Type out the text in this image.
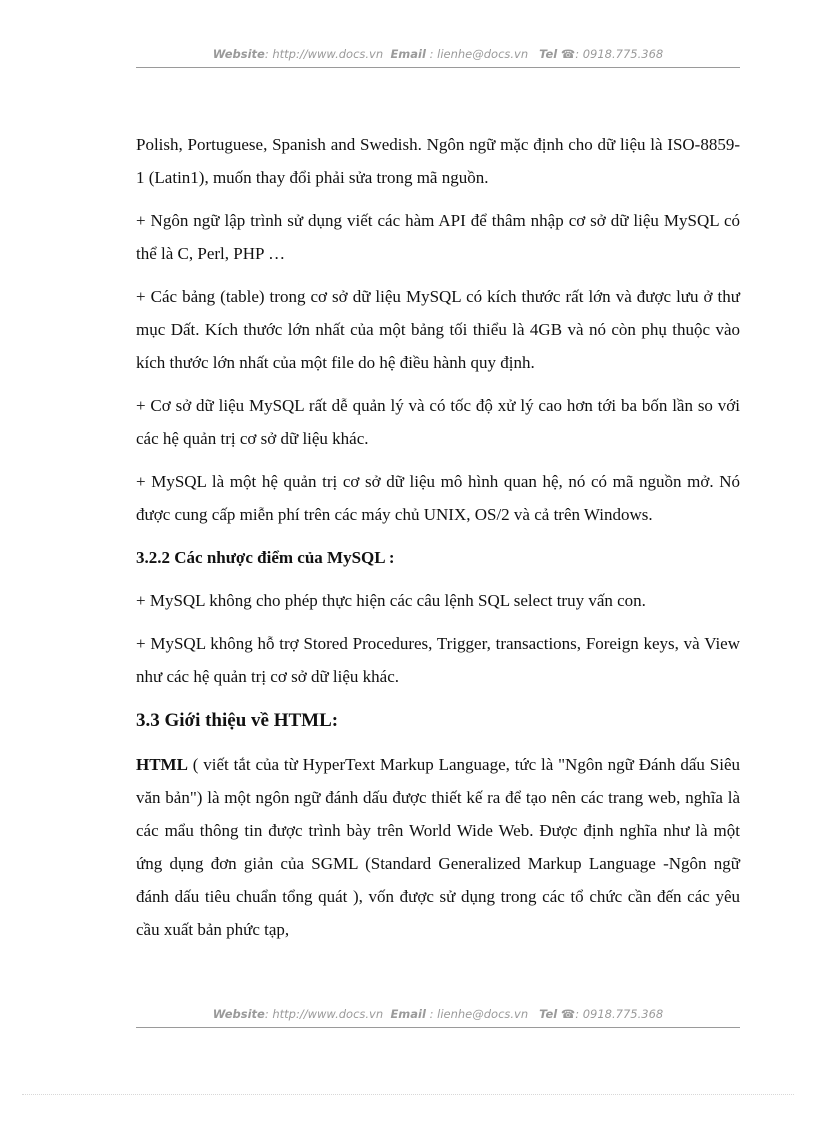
Website: http://www.docs.vn Email : lienhe@docs.vn Tel ☎: 0918.775.368

Polish, Portuguese, Spanish and Swedish. Ngôn ngữ mặc định cho dữ liệu là ISO-8859-1 (Latin1), muốn thay đổi phải sửa trong mã nguồn.

+ Ngôn ngữ lập trình sử dụng viết các hàm API để thâm nhập cơ sở dữ liệu MySQL có thể là C, Perl, PHP …

+ Các bảng (table) trong cơ sở dữ liệu MySQL có kích thước rất lớn và được lưu ở thư mục Dất. Kích thước lớn nhất của một bảng tối thiểu là 4GB và nó còn phụ thuộc vào kích thước lớn nhất của một file do hệ điều hành quy định.

+ Cơ sở dữ liệu MySQL rất dễ quản lý và có tốc độ xử lý cao hơn tới ba bốn lần so với các hệ quản trị cơ sở dữ liệu khác.

+ MySQL là một hệ quản trị cơ sở dữ liệu mô hình quan hệ, nó có mã nguồn mở. Nó được cung cấp miễn phí trên các máy chủ UNIX, OS/2 và cả trên Windows.

3.2.2 Các nhược điểm của MySQL :

+ MySQL không cho phép thực hiện các câu lệnh SQL select truy vấn con.

+ MySQL không hỗ trợ Stored Procedures, Trigger, transactions, Foreign keys, và View như các hệ quản trị cơ sở dữ liệu khác.

3.3 Giới thiệu về HTML:

HTML ( viết tắt của từ HyperText Markup Language, tức là "Ngôn ngữ Đánh dấu Siêu văn bản") là một ngôn ngữ đánh dấu được thiết kế ra để tạo nên các trang web, nghĩa là các mẩu thông tin được trình bày trên World Wide Web. Được định nghĩa như là một ứng dụng đơn giản của SGML (Standard Generalized Markup Language -Ngôn ngữ đánh dấu tiêu chuẩn tổng quát ), vốn được sử dụng trong các tổ chức cần đến các yêu cầu xuất bản phức tạp,

Website: http://www.docs.vn Email : lienhe@docs.vn Tel ☎: 0918.775.368
